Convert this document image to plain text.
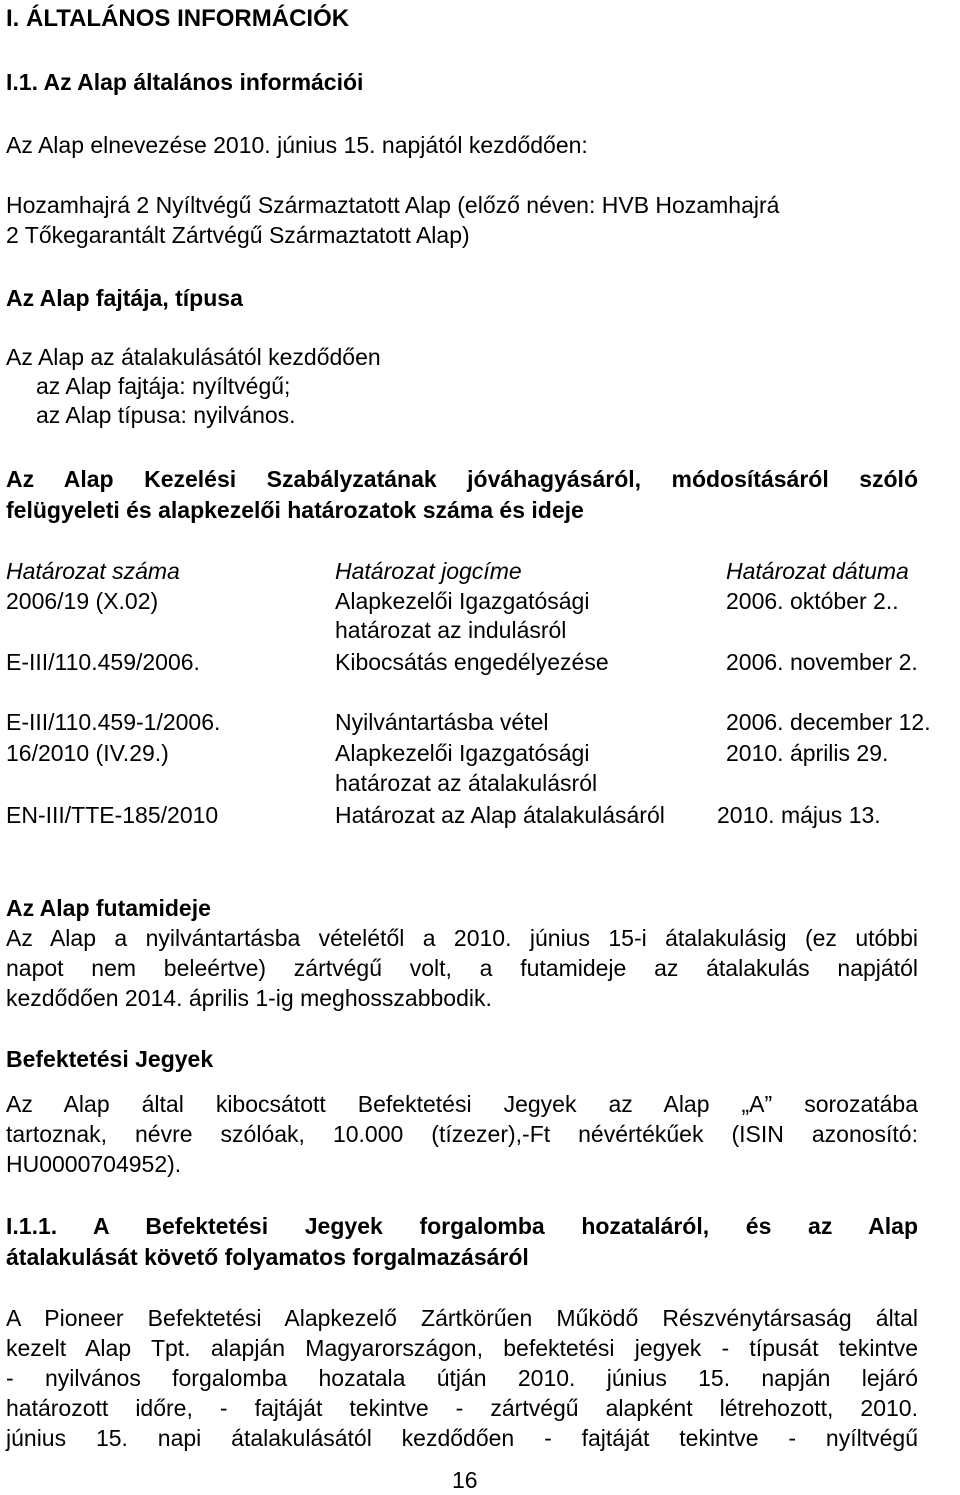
I. ÁLTALÁNOS INFORMÁCIÓK
I.1. Az Alap általános információi
Az Alap elnevezése 2010. június 15. napjától kezdődően:
Hozamhajrá 2 Nyíltvégű Származtatott Alap (előző néven: HVB Hozamhajrá
2 Tőkegarantált Zártvégű Származtatott Alap)
Az Alap fajtája, típusa
Az Alap az átalakulásától kezdődően
az Alap fajtája: nyíltvégű;
az Alap típusa: nyilvános.
Az Alap Kezelési Szabályzatának jóváhagyásáról, módosításáról szóló
felügyeleti és alapkezelői határozatok száma és ideje
Határozat száma	Határozat jogcíme	Határozat dátuma
2006/19 (X.02)	Alapkezelői Igazgatósági	2006. október 2..
határozat az indulásról
E-III/110.459/2006.	Kibocsátás engedélyezése	2006. november 2.
E-III/110.459-1/2006.	Nyilvántartásba vétel	2006. december 12.
16/2010 (IV.29.)	Alapkezelői Igazgatósági	2010. április 29.
határozat az átalakulásról
EN-III/TTE-185/2010	Határozat az Alap átalakulásáról 2010. május 13.
Az Alap futamideje
Az Alap a nyilvántartásba vételétől a 2010. június 15-i átalakulásig (ez utóbbi
napot nem beleértve) zártvégű volt, a futamideje az átalakulás napjától
kezdődően 2014. április 1-ig meghosszabbodik.
Befektetési Jegyek
Az Alap által kibocsátott Befektetési Jegyek az Alap „A” sorozatába
tartoznak, névre szólóak, 10.000 (tízezer),-Ft névértékűek (ISIN azonosító:
HU0000704952).
I.1.1. A Befektetési Jegyek forgalomba hozataláról, és az Alap
átalakulását követő folyamatos forgalmazásáról
A Pioneer Befektetési Alapkezelő Zártkörűen Működő Részvénytársaság által
kezelt Alap Tpt. alapján Magyarországon, befektetési jegyek - típusát tekintve
- nyilvános forgalomba hozatala útján 2010. június 15. napján lejáró
határozott időre, - fajtáját tekintve - zártvégű alapként létrehozott, 2010.
június 15. napi átalakulásától kezdődően - fajtáját tekintve - nyíltvégű
16
